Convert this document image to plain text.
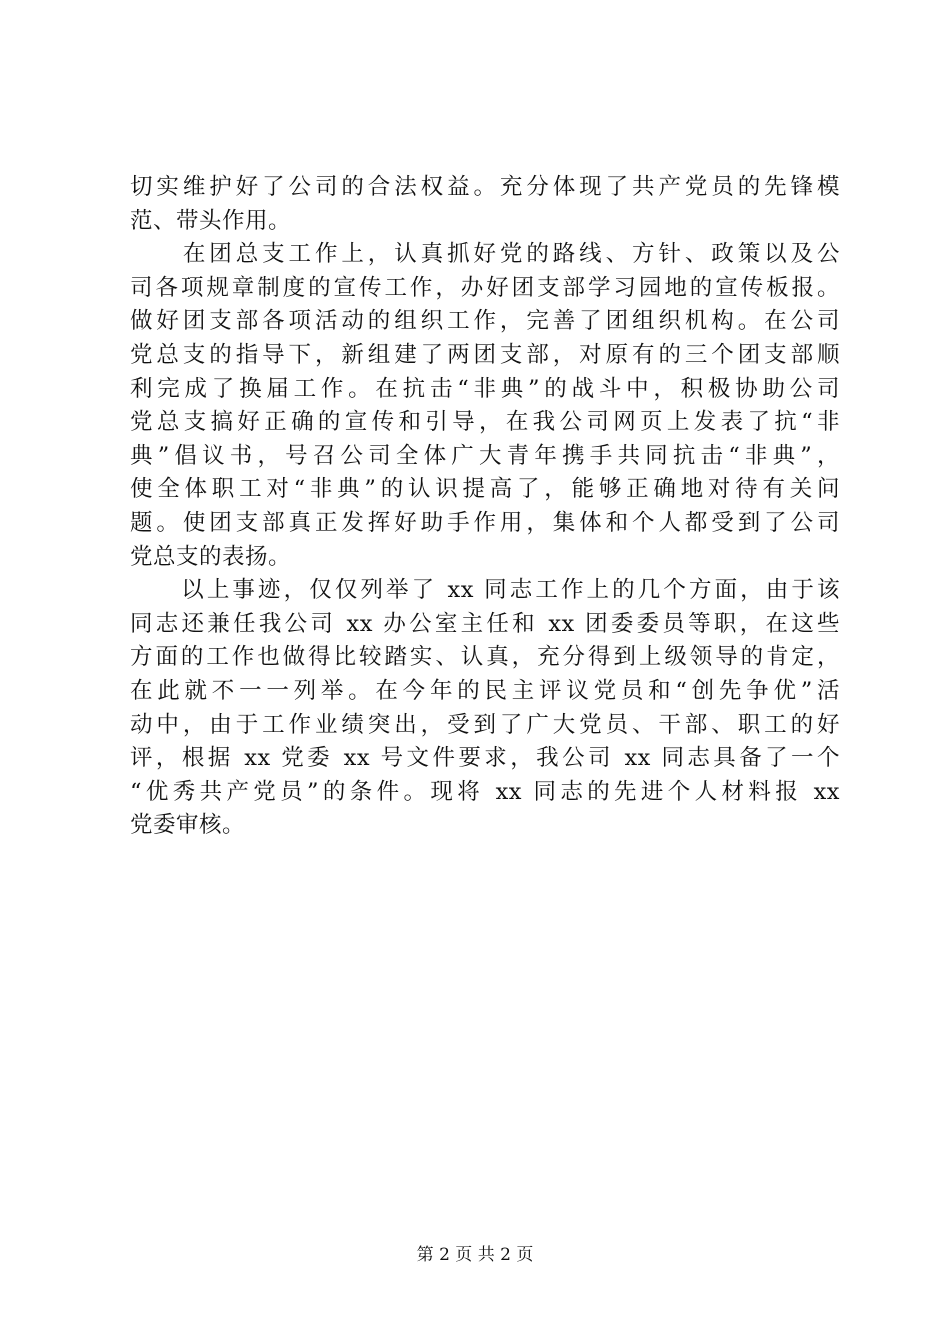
切实维护好了公司的合法权益。充分体现了共产党员的先锋模
范、带头作用。
　　在团总支工作上，认真抓好党的路线、方针、政策以及公
司各项规章制度的宣传工作，办好团支部学习园地的宣传板报。
做好团支部各项活动的组织工作，完善了团组织机构。在公司
党总支的指导下，新组建了两团支部，对原有的三个团支部顺
利完成了换届工作。在抗击“非典”的战斗中，积极协助公司
党总支搞好正确的宣传和引导，在我公司网页上发表了抗“非
典”倡议书，号召公司全体广大青年携手共同抗击“非典”，
使全体职工对“非典”的认识提高了，能够正确地对待有关问
题。使团支部真正发挥好助手作用，集体和个人都受到了公司
党总支的表扬。
　　以上事迹，仅仅列举了 xx 同志工作上的几个方面，由于该
同志还兼任我公司 xx 办公室主任和 xx 团委委员等职，在这些
方面的工作也做得比较踏实、认真，充分得到上级领导的肯定，
在此就不一一列举。在今年的民主评议党员和“创先争优”活
动中，由于工作业绩突出，受到了广大党员、干部、职工的好
评，根据 xx 党委 xx 号文件要求，我公司 xx 同志具备了一个
“优秀共产党员”的条件。现将 xx 同志的先进个人材料报 xx
党委审核。
第 2 页 共 2 页
